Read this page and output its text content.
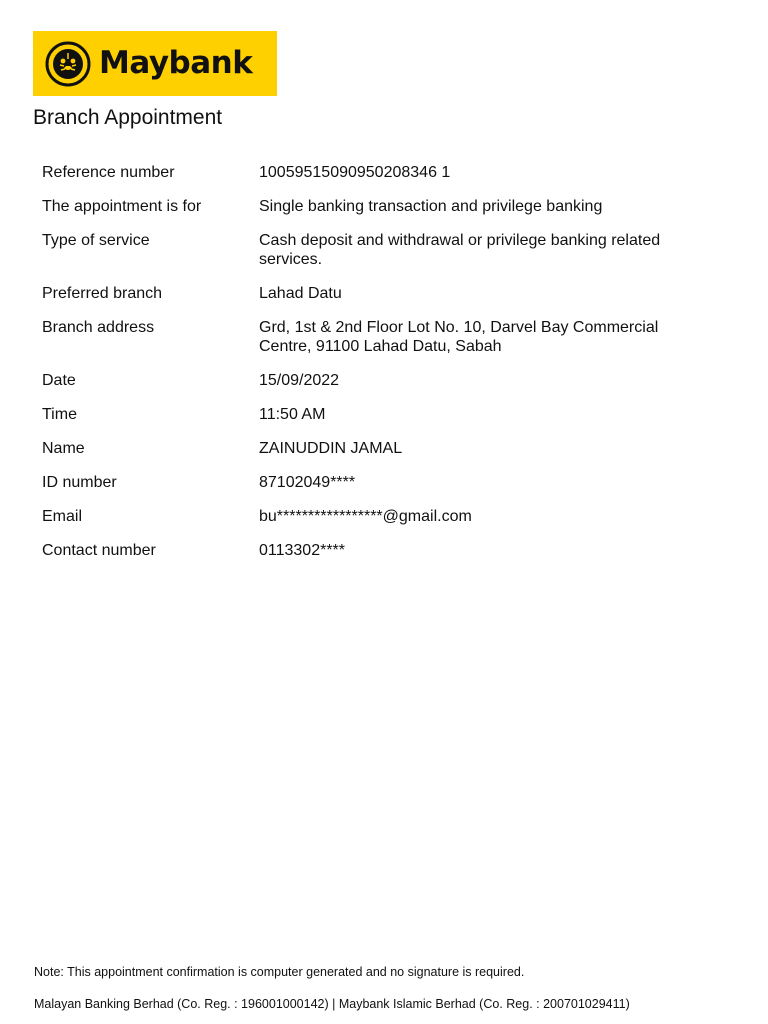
Maybank
Branch Appointment
Reference number	10059515090950208346 1
The appointment is for	Single banking transaction and privilege banking
Type of service	Cash deposit and withdrawal or privilege banking related services.
Preferred branch	Lahad Datu
Branch address	Grd, 1st & 2nd Floor Lot No. 10, Darvel Bay Commercial Centre, 91100 Lahad Datu, Sabah
Date	15/09/2022
Time	11:50 AM
Name	ZAINUDDIN JAMAL
ID number	87102049****
Email	bu*****************@gmail.com
Contact number	0113302****
Note: This appointment confirmation is computer generated and no signature is required.
Malayan Banking Berhad (Co. Reg. : 196001000142) | Maybank Islamic Berhad (Co. Reg. : 200701029411)
